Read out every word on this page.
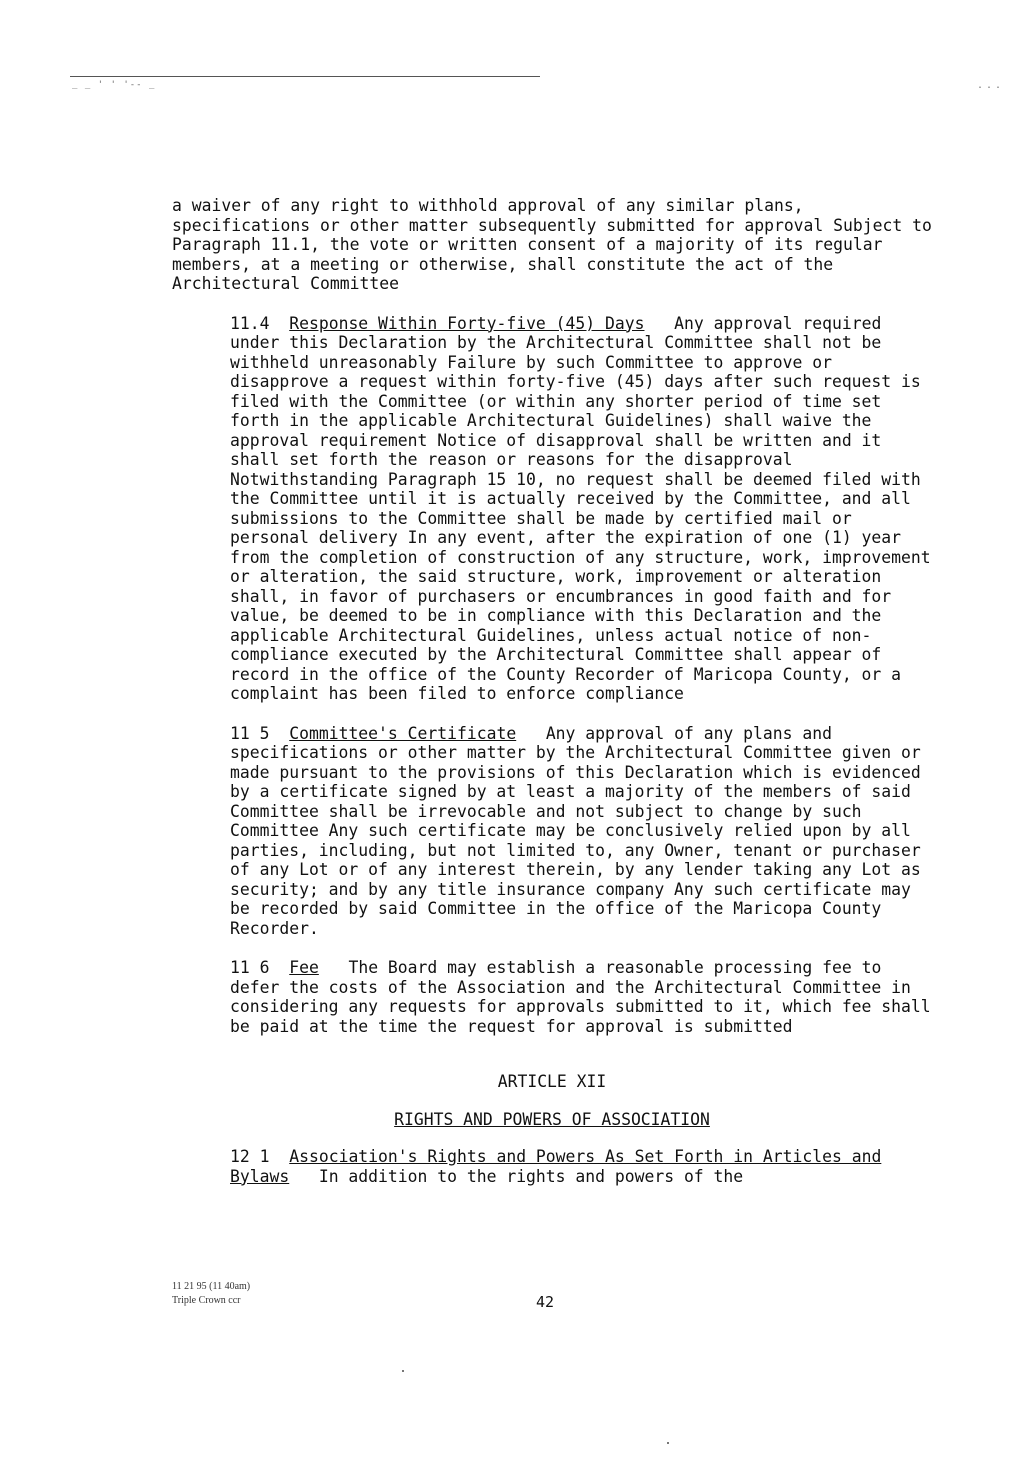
_ _ ' ' '-- _	...

a waiver of any right to withhold approval of any similar plans, specifications or other matter subsequently submitted for approval Subject to Paragraph 11.1, the vote or written consent of a majority of its regular members, at a meeting or otherwise, shall constitute the act of the Architectural Committee

11.4 Response Within Forty-five (45) Days Any approval required under this Declaration by the Architectural Committee shall not be withheld unreasonably Failure by such Committee to approve or disapprove a request within forty-five (45) days after such request is filed with the Committee (or within any shorter period of time set forth in the applicable Architectural Guidelines) shall waive the approval requirement Notice of disapproval shall be written and it shall set forth the reason or reasons for the disapproval Notwithstanding Paragraph 15 10, no request shall be deemed filed with the Committee until it is actually received by the Committee, and all submissions to the Committee shall be made by certified mail or personal delivery In any event, after the expiration of one (1) year from the completion of construction of any structure, work, improvement or alteration, the said structure, work, improvement or alteration shall, in favor of purchasers or encumbrances in good faith and for value, be deemed to be in compliance with this Declaration and the applicable Architectural Guidelines, unless actual notice of non-compliance executed by the Architectural Committee shall appear of record in the office of the County Recorder of Maricopa County, or a complaint has been filed to enforce compliance

11 5 Committee's Certificate Any approval of any plans and specifications or other matter by the Architectural Committee given or made pursuant to the provisions of this Declaration which is evidenced by a certificate signed by at least a majority of the members of said Committee shall be irrevocable and not subject to change by such Committee Any such certificate may be conclusively relied upon by all parties, including, but not limited to, any Owner, tenant or purchaser of any Lot or of any interest therein, by any lender taking any Lot as security; and by any title insurance company Any such certificate may be recorded by said Committee in the office of the Maricopa County Recorder.

11 6 Fee The Board may establish a reasonable processing fee to defer the costs of the Association and the Architectural Committee in considering any requests for approvals submitted to it, which fee shall be paid at the time the request for approval is submitted

ARTICLE XII

RIGHTS AND POWERS OF ASSOCIATION

12 1 Association's Rights and Powers As Set Forth in Articles and Bylaws In addition to the rights and powers of the

11 21 95 (11 40am)
Triple Crown ccr	42
